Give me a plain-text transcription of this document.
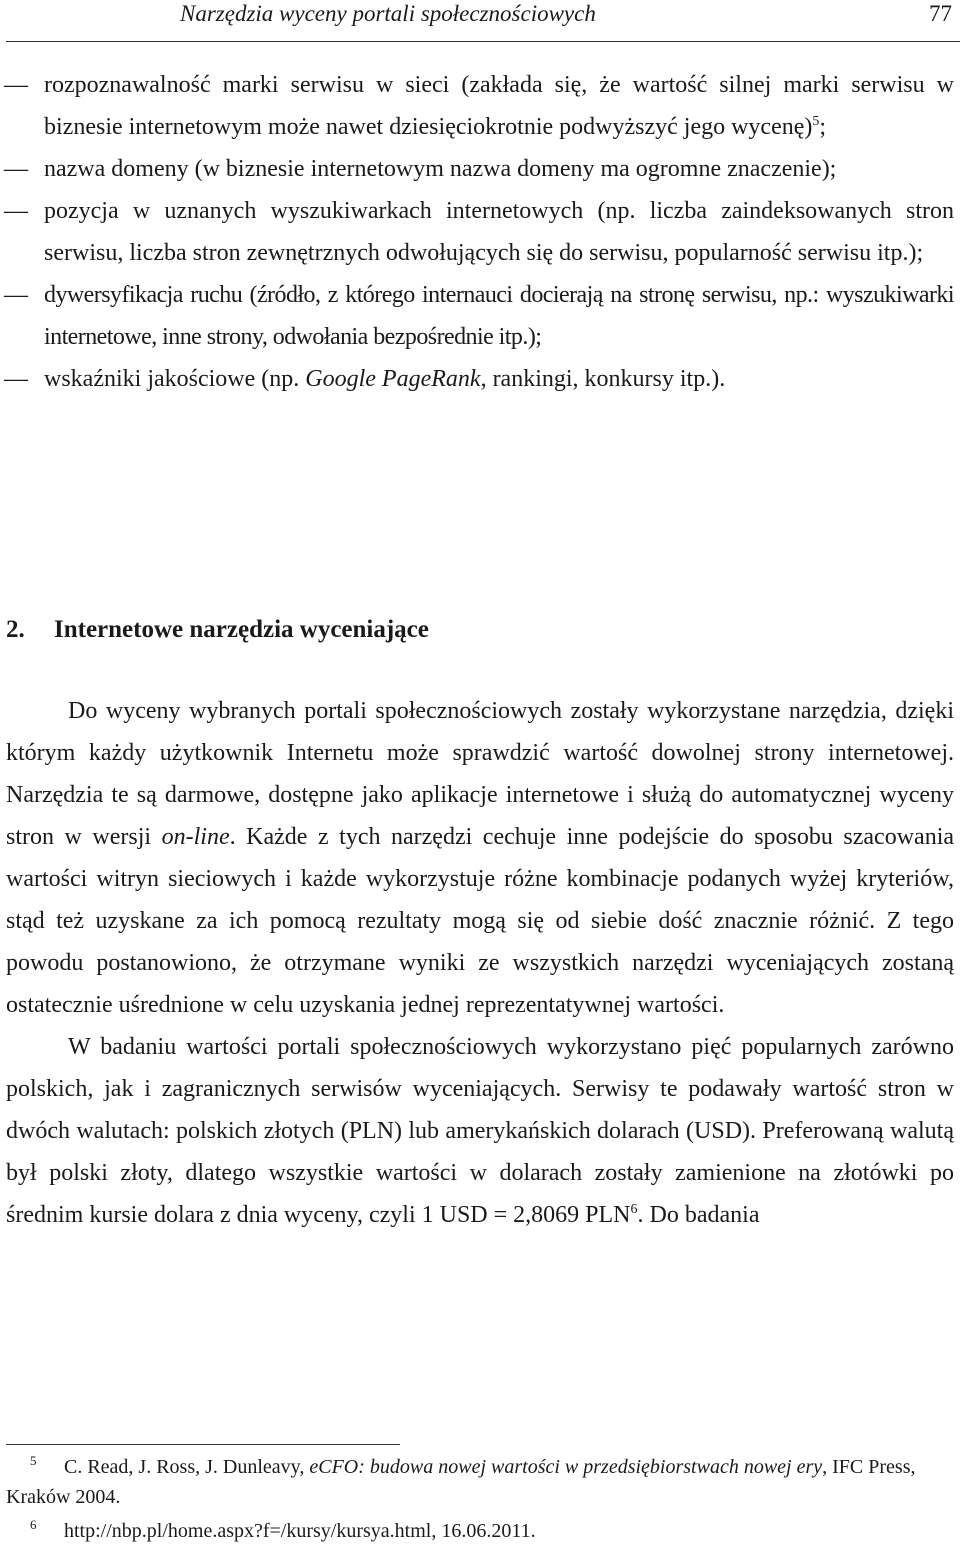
Narzędzia wyceny portali społecznościowych	77
— rozpoznawalność marki serwisu w sieci (zakłada się, że wartość silnej marki serwisu w biznesie internetowym może nawet dziesięciokrotnie podwyższyć jego wycenę)$^5$;
— nazwa domeny (w biznesie internetowym nazwa domeny ma ogromne znaczenie);
— pozycja w uznanych wyszukiwarkach internetowych (np. liczba zaindeksowanych stron serwisu, liczba stron zewnętrznych odwołujących się do serwisu, popularność serwisu itp.);
— dywersyfikacja ruchu (źródło, z którego internauci docierają na stronę serwisu, np.: wyszukiwarki internetowe, inne strony, odwołania bezpośrednie itp.);
— wskaźniki jakościowe (np. Google PageRank, rankingi, konkursy itp.).
2. Internetowe narzędzia wyceniające

Do wyceny wybranych portali społecznościowych zostały wykorzystane narzędzia, dzięki którym każdy użytkownik Internetu może sprawdzić wartość dowolnej strony internetowej. Narzędzia te są darmowe, dostępne jako aplikacje internetowe i służą do automatycznej wyceny stron w wersji on-line. Każde z tych narzędzi cechuje inne podejście do sposobu szacowania wartości witryn sieciowych i każde wykorzystuje różne kombinacje podanych wyżej kryteriów, stąd też uzyskane za ich pomocą rezultaty mogą się od siebie dość znacznie różnić. Z tego powodu postanowiono, że otrzymane wyniki ze wszystkich narzędzi wyceniających zostaną ostatecznie uśrednione w celu uzyskania jednej reprezentatywnej wartości.

W badaniu wartości portali społecznościowych wykorzystano pięć popularnych zarówno polskich, jak i zagranicznych serwisów wyceniających. Serwisy te podawały wartość stron w dwóch walutach: polskich złotych (PLN) lub amerykańskich dolarach (USD). Preferowaną walutą był polski złoty, dlatego wszystkie wartości w dolarach zostały zamienione na złotówki po średnim kursie dolara z dnia wyceny, czyli 1 USD = 2,8069 PLN$^6$. Do badania

5 C. Read, J. Ross, J. Dunleavy, eCFO: budowa nowej wartości w przedsiębiorstwach nowej ery, IFC Press, Kraków 2004.

6 http://nbp.pl/home.aspx?f=/kursy/kursya.html, 16.06.2011.
